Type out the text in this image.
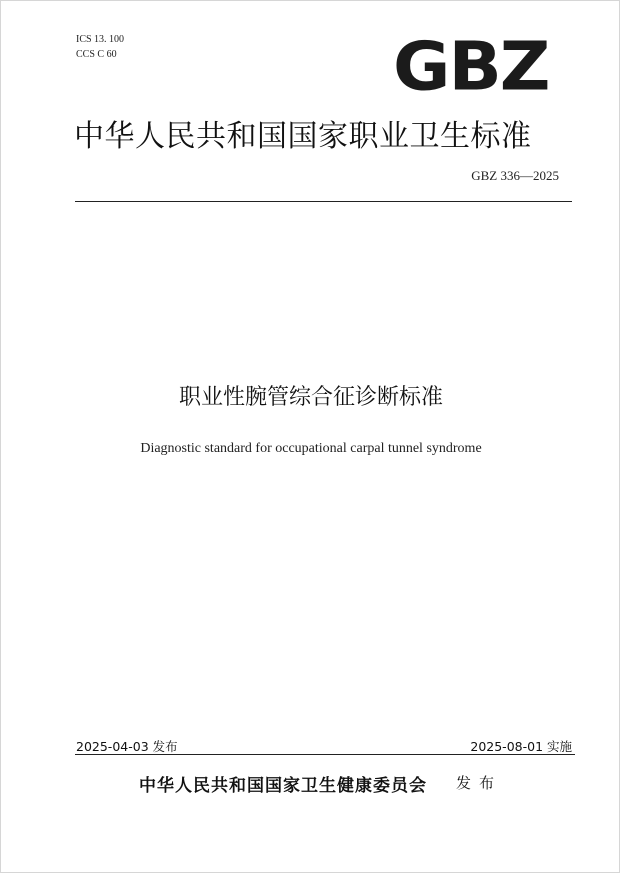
ICS 13. 100
CCS C 60	GBZ
中华人民共和国国家职业卫生标准
GBZ 336—2025
职业性腕管综合征诊断标准
Diagnostic standard for occupational carpal tunnel syndrome
2025-04-03 发布	2025-08-01 实施
中华人民共和国国家卫生健康委员会 发布
